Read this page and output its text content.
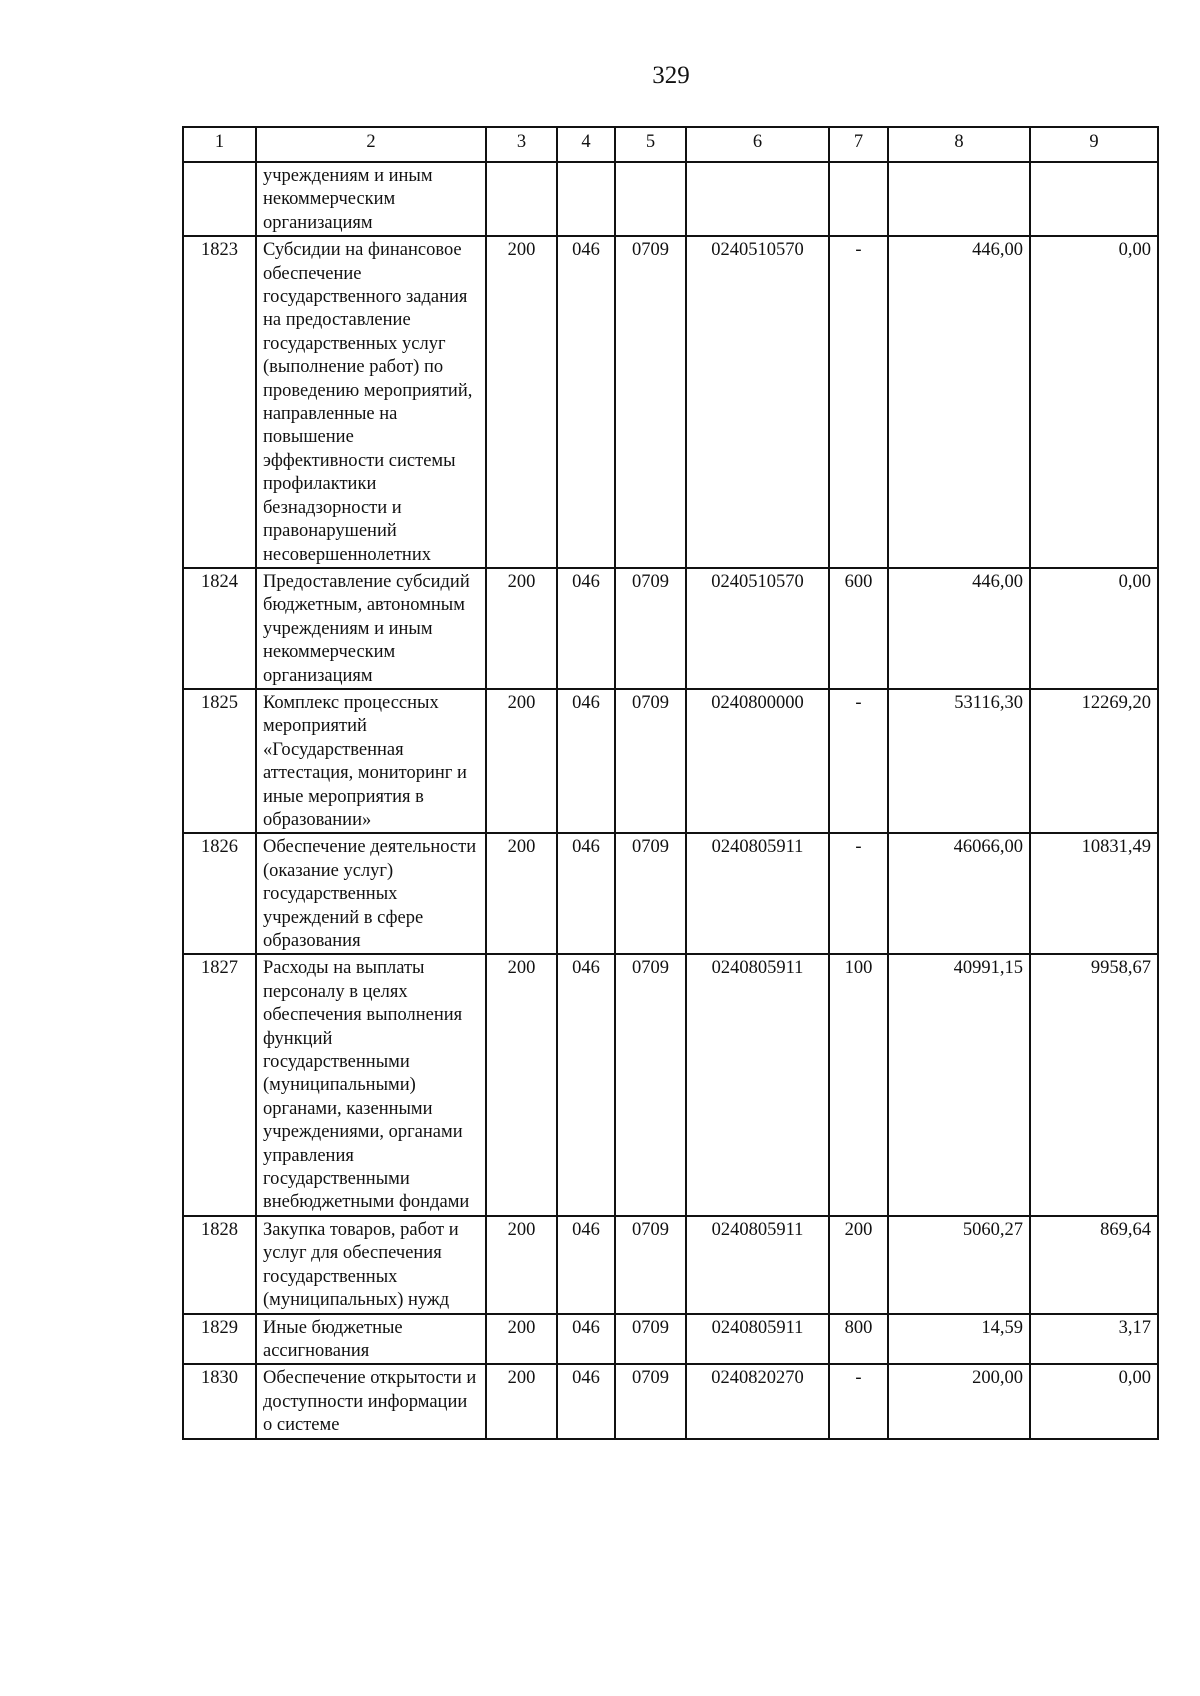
329
1	2	3	4	5	6	7	8	9
	учреждениям и иным некоммерческим организациям							
1823	Субсидии на финансовое обеспечение государственного задания на предоставление государственных услуг (выполнение работ) по проведению мероприятий, направленные на повышение эффективности системы профилактики безнадзорности и правонарушений несовершеннолетних	200	046	0709	0240510570	-	446,00	0,00
1824	Предоставление субсидий бюджетным, автономным учреждениям и иным некоммерческим организациям	200	046	0709	0240510570	600	446,00	0,00
1825	Комплекс процессных мероприятий «Государственная аттестация, мониторинг и иные мероприятия в образовании»	200	046	0709	0240800000	-	53116,30	12269,20
1826	Обеспечение деятельности (оказание услуг) государственных учреждений в сфере образования	200	046	0709	0240805911	-	46066,00	10831,49
1827	Расходы на выплаты персоналу в целях обеспечения выполнения функций государственными (муниципальными) органами, казенными учреждениями, органами управления государственными внебюджетными фондами	200	046	0709	0240805911	100	40991,15	9958,67
1828	Закупка товаров, работ и услуг для обеспечения государственных (муниципальных) нужд	200	046	0709	0240805911	200	5060,27	869,64
1829	Иные бюджетные ассигнования	200	046	0709	0240805911	800	14,59	3,17
1830	Обеспечение открытости и доступности информации о системе	200	046	0709	0240820270	-	200,00	0,00
